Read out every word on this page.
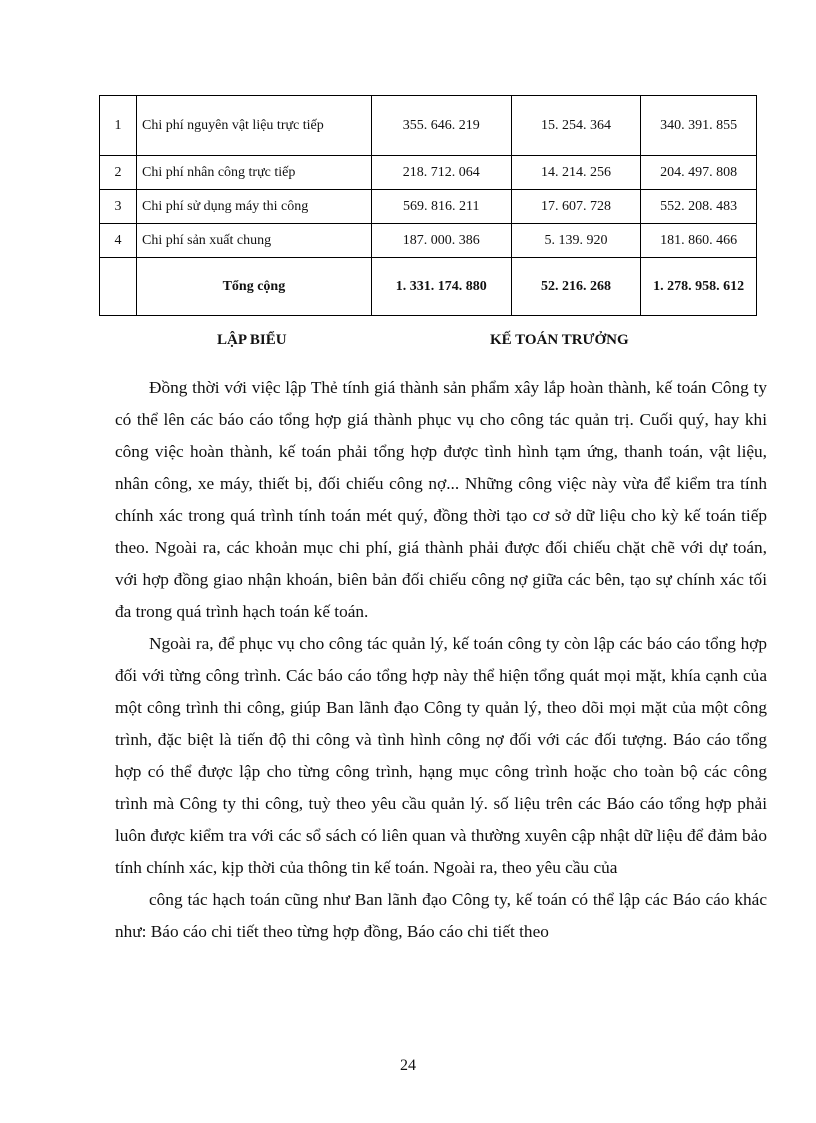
1	Chi phí nguyên vật liệu trực tiếp	355. 646. 219	15. 254. 364	340. 391. 855
2	Chi phí nhân công trực tiếp	218. 712. 064	14. 214. 256	204. 497. 808
3	Chi phí sử dụng máy thi công	569. 816. 211	17. 607. 728	552. 208. 483
4	Chi phí sản xuất chung	187. 000. 386	5. 139. 920	181. 860. 466
	Tổng cộng	1. 331. 174. 880	52. 216. 268	1. 278. 958. 612
LẬP BIỂU	KẾ TOÁN TRƯỞNG

Đồng thời với việc lập Thẻ tính giá thành sản phẩm xây lắp hoàn thành, kế toán Công ty có thể lên các báo cáo tổng hợp giá thành phục vụ cho công tác quản trị. Cuối quý, hay khi công việc hoàn thành, kế toán phải tổng hợp được tình hình tạm ứng, thanh toán, vật liệu, nhân công, xe máy, thiết bị, đối chiếu công nợ... Những công việc này vừa để kiểm tra tính chính xác trong quá trình tính toán mét quý, đồng thời tạo cơ sở dữ liệu cho kỳ kế toán tiếp theo. Ngoài ra, các khoản mục chi phí, giá thành phải được đối chiếu chặt chẽ với dự toán, với hợp đồng giao nhận khoán, biên bản đối chiếu công nợ giữa các bên, tạo sự chính xác tối đa trong quá trình hạch toán kế toán.

Ngoài ra, để phục vụ cho công tác quản lý, kế toán công ty còn lập các báo cáo tổng hợp đối với từng công trình. Các báo cáo tổng hợp này thể hiện tổng quát mọi mặt, khía cạnh của một công trình thi công, giúp Ban lãnh đạo Công ty quản lý, theo dõi mọi mặt của một công trình, đặc biệt là tiến độ thi công và tình hình công nợ đối với các đối tượng. Báo cáo tổng hợp có thể được lập cho từng công trình, hạng mục công trình hoặc cho toàn bộ các công trình mà Công ty thi công, tuỳ theo yêu cầu quản lý. số liệu trên các Báo cáo tổng hợp phải luôn được kiểm tra với các sổ sách có liên quan và thường xuyên cập nhật dữ liệu để đảm bảo tính chính xác, kịp thời của thông tin kế toán. Ngoài ra, theo yêu cầu của

công tác hạch toán cũng như Ban lãnh đạo Công ty, kế toán có thể lập các Báo cáo khác như: Báo cáo chi tiết theo từng hợp đồng, Báo cáo chi tiết theo

24
